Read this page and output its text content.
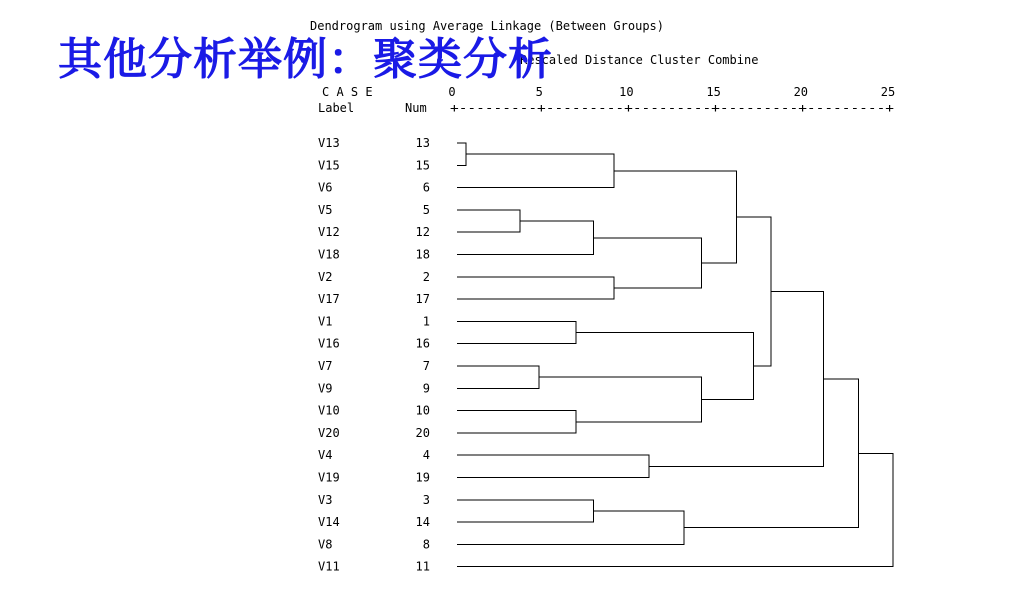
Dendrogram using Average Linkage (Between Groups)
Rescaled Distance Cluster Combine
C A S E
Label	Num +---------+---------+---------+---------+---------+
0	5	10	15	20	25
V13	13
V15	15
V6	6
V5	5
V12	12
V18	18
V2	2
V17	17
V1	1
V16	16
V7	7
V9	9
V10	10
V20	20
V4	4
V19	19
V3	3
V14	14
V8	8
V11	11
其他分析举例：聚类分析
